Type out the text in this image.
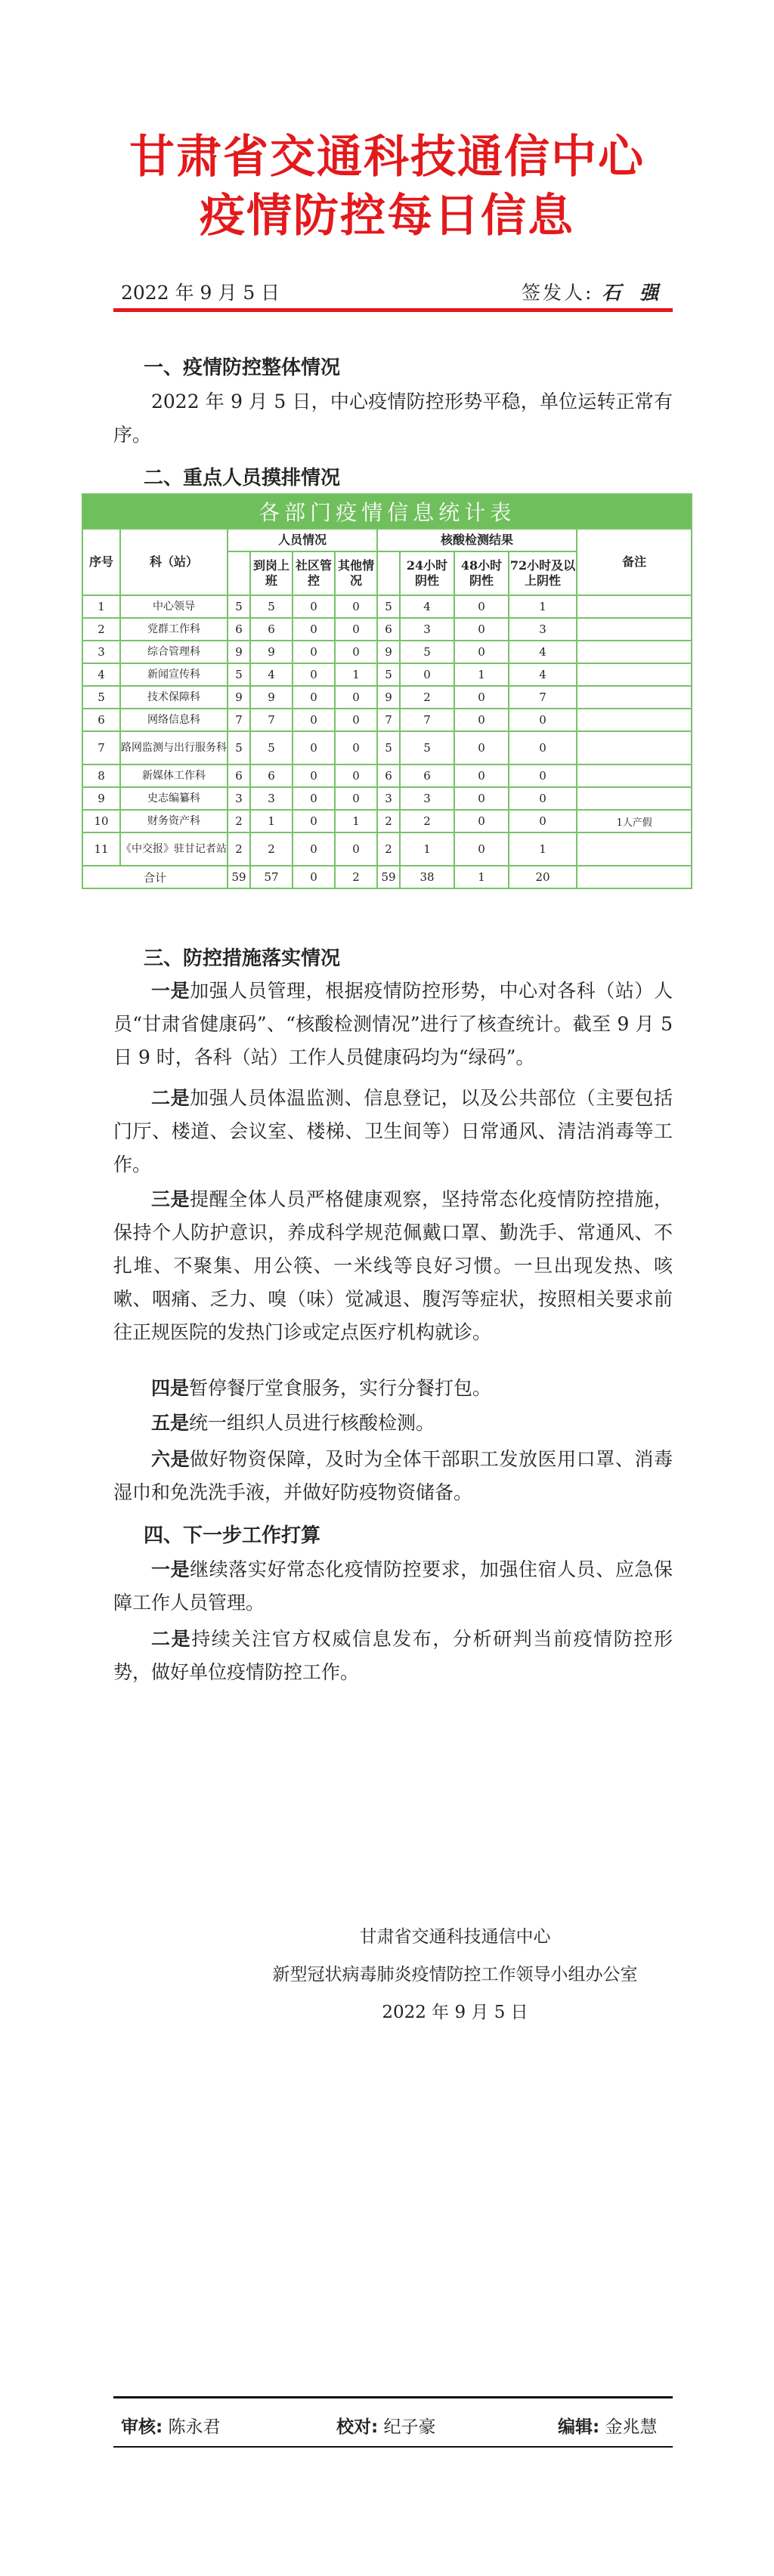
甘肃省交通科技通信中心
疫情防控每日信息
2022 年 9 月 5 日	签发人: 石 强
一、疫情防控整体情况

2022 年 9 月 5 日，中心疫情防控形势平稳，单位运转正常有序。

二、重点人员摸排情况
各部门疫情信息统计表										
序号	科（站）	人员情况				核酸检测结果				备注
			到岗上班	社区管控	其他情况		24小时阴性	48小时阴性	72小时及以上阴性	
1	中心领导	5	5	0	0	5	4	0	1	
2	党群工作科	6	6	0	0	6	3	0	3	
3	综合管理科	9	9	0	0	9	5	0	4	
4	新闻宣传科	5	4	0	1	5	0	1	4	
5	技术保障科	9	9	0	0	9	2	0	7	
6	网络信息科	7	7	0	0	7	7	0	0	
7	路网监测与出行服务科	5	5	0	0	5	5	0	0	
8	新媒体工作科	6	6	0	0	6	6	0	0	
9	史志编纂科	3	3	0	0	3	3	0	0	
10	财务资产科	2	1	0	1	2	2	0	0	1人产假
11	《中交报》驻甘记者站	2	2	0	0	2	1	0	1	
合计		59	57	0	2	59	38	1	20	
三、防控措施落实情况

一是加强人员管理，根据疫情防控形势，中心对各科（站）人员“甘肃省健康码”、“核酸检测情况”进行了核查统计。截至 9 月 5 日 9 时，各科（站）工作人员健康码均为“绿码”。

二是加强人员体温监测、信息登记，以及公共部位（主要包括门厅、楼道、会议室、楼梯、卫生间等）日常通风、清洁消毒等工作。

三是提醒全体人员严格健康观察，坚持常态化疫情防控措施，保持个人防护意识，养成科学规范佩戴口罩、勤洗手、常通风、不扎堆、不聚集、用公筷、一米线等良好习惯。一旦出现发热、咳嗽、咽痛、乏力、嗅（味）觉减退、腹泻等症状，按照相关要求前往正规医院的发热门诊或定点医疗机构就诊。

四是暂停餐厅堂食服务，实行分餐打包。

五是统一组织人员进行核酸检测。

六是做好物资保障，及时为全体干部职工发放医用口罩、消毒湿巾和免洗洗手液，并做好防疫物资储备。

四、下一步工作打算

一是继续落实好常态化疫情防控要求，加强住宿人员、应急保障工作人员管理。

二是持续关注官方权威信息发布，分析研判当前疫情防控形势，做好单位疫情防控工作。

甘肃省交通科技通信中心
新型冠状病毒肺炎疫情防控工作领导小组办公室
2022 年 9 月 5 日
审核: 陈永君	校对: 纪子豪	编辑: 金兆慧
